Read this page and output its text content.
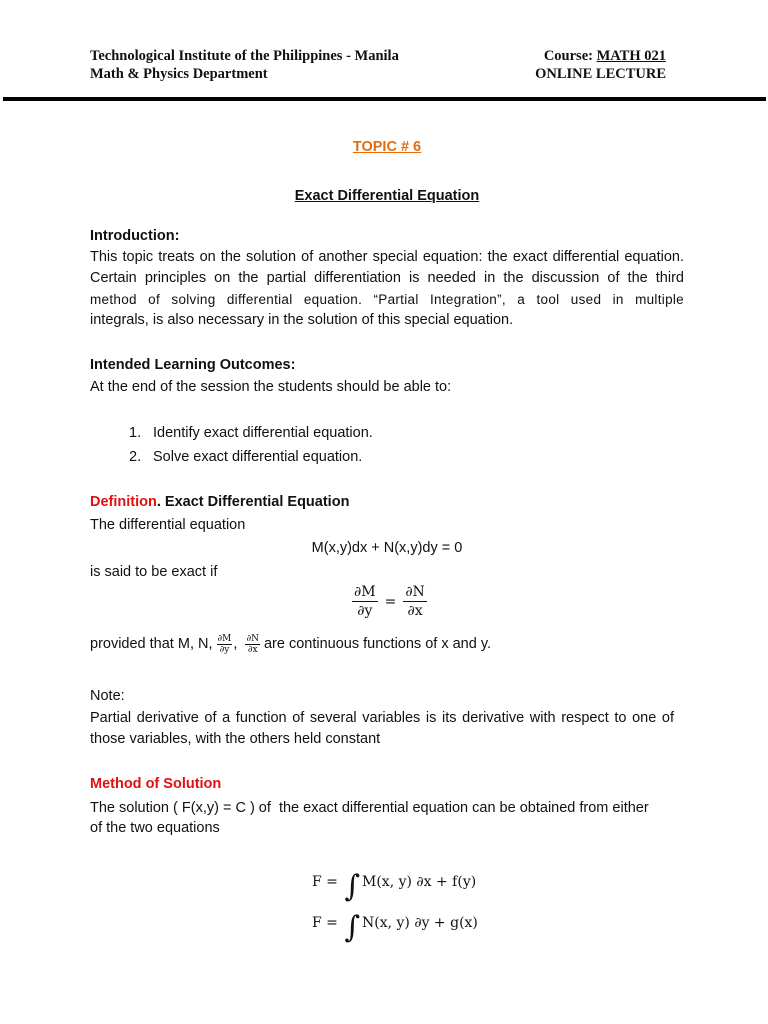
Technological Institute of the Philippines - Manila
Math & Physics Department
Course: MATH 021
ONLINE LECTURE
TOPIC # 6
Exact Differential Equation
Introduction:
This topic treats on the solution of another special equation: the exact differential equation.
Certain principles on the partial differentiation is needed in the discussion of the third
method of solving differential equation. “Partial Integration”, a tool used in multiple
integrals, is also necessary in the solution of this special equation.
Intended Learning Outcomes:
At the end of the session the students should be able to:
1. Identify exact differential equation.
2. Solve exact differential equation.
Definition. Exact Differential Equation
The differential equation
M(x,y)dx + N(x,y)dy = 0
is said to be exact if
$\frac{\partial M}{\partial y} = \frac{\partial N}{\partial x}$
provided that M, N, $\frac{\partial M}{\partial y}$ , $\frac{\partial N}{\partial x}$ are continuous functions of x and y.
Note:
Partial derivative of a function of several variables is its derivative with respect to one of
those variables, with the others held constant
Method of Solution
The solution ( F(x,y) = C ) of  the exact differential equation can be obtained from either
of the two equations
F = ∫ M(x, y) ∂x + f(y)
F = ∫ N(x, y) ∂y + g(x)
